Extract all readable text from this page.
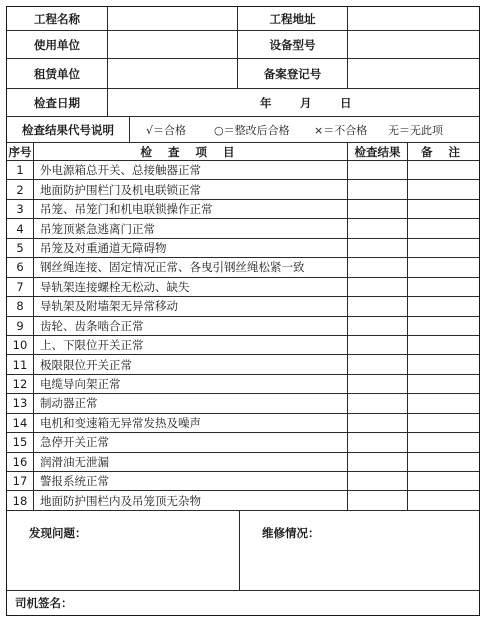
工程名称	工程地址
使用单位	设备型号
租赁单位	备案登记号
检查日期	年 月 日
检查结果代号说明	√＝合格	○＝整改后合格 ×＝不合格 无＝无此项
序号	检 查 项 目	检查结果	备 注
1	外电源箱总开关、总接触器正常
2	地面防护围栏门及机电联锁正常
3	吊笼、吊笼门和机电联锁操作正常
4	吊笼顶紧急逃离门正常
5	吊笼及对重通道无障碍物
6	钢丝绳连接、固定情况正常、各曳引钢丝绳松紧一致
7	导轨架连接螺栓无松动、缺失
8	导轨架及附墙架无异常移动
9	齿轮、齿条啮合正常
10	上、下限位开关正常
11	极限限位开关正常
12	电缆导向架正常
13	制动器正常
14	电机和变速箱无异常发热及噪声
15	急停开关正常
16	润滑油无泄漏
17	警报系统正常
18	地面防护围栏内及吊笼顶无杂物
发现问题：	维修情况：
司机签名：
